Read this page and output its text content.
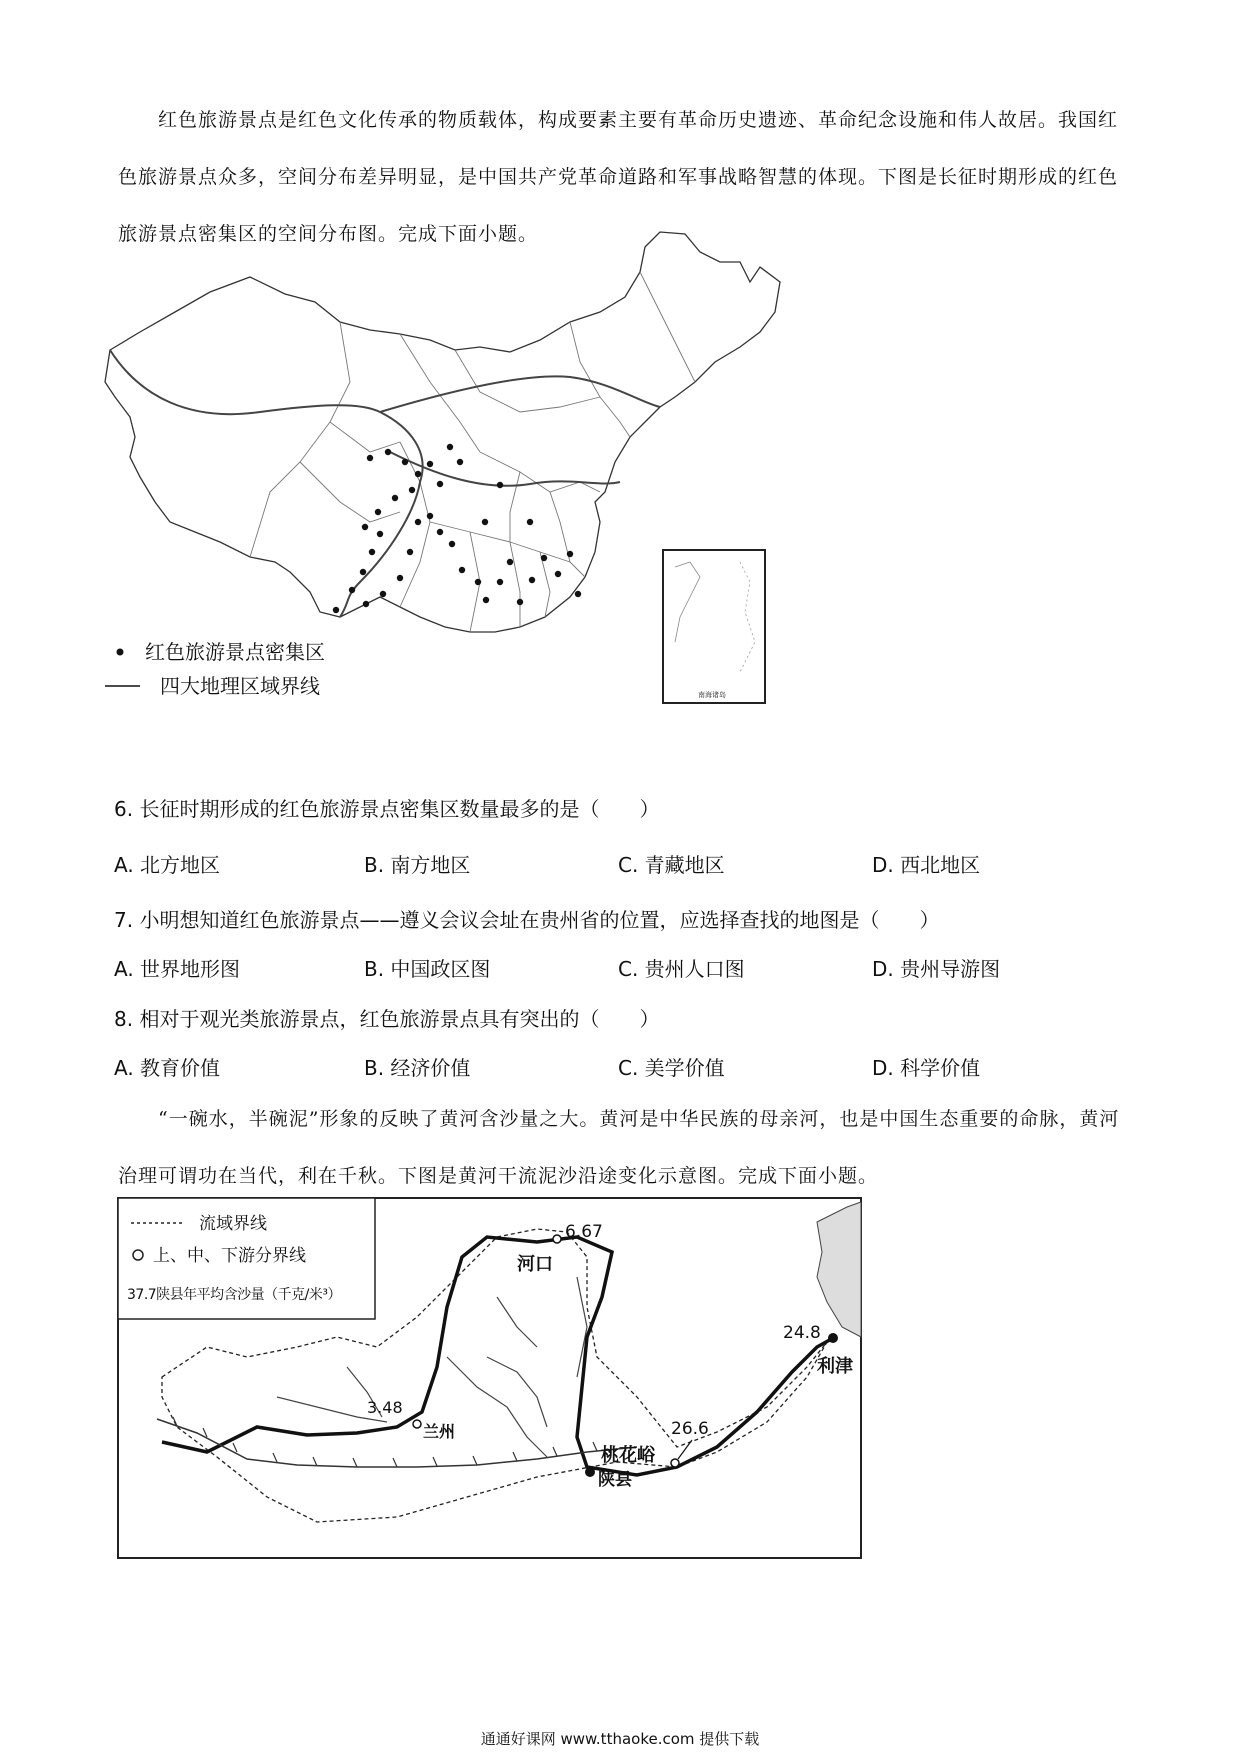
红色旅游景点是红色文化传承的物质载体，构成要素主要有革命历史遗迹、革命纪念设施和伟人故居。我国红色旅游景点众多，空间分布差异明显，是中国共产党革命道路和军事战略智慧的体现。下图是长征时期形成的红色旅游景点密集区的空间分布图。完成下面小题。
红色旅游景点密集区
四大地理区域界线	南海诸岛
6. 长征时期形成的红色旅游景点密集区数量最多的是（　　）
A. 北方地区	B. 南方地区	C. 青藏地区	D. 西北地区
7. 小明想知道红色旅游景点——遵义会议会址在贵州省的位置，应选择查找的地图是（　　）
A. 世界地形图	B. 中国政区图	C. 贵州人口图	D. 贵州导游图
8. 相对于观光类旅游景点，红色旅游景点具有突出的（　　）
A. 教育价值	B. 经济价值	C. 美学价值	D. 科学价值
“一碗水，半碗泥”形象的反映了黄河含沙量之大。黄河是中华民族的母亲河，也是中国生态重要的命脉，黄河治理可谓功在当代，利在千秋。下图是黄河干流泥沙沿途变化示意图。完成下面小题。
流域界线
上、中、下游分界线
37.7陕县年平均含沙量（千克/米³）
6.67
河口
3.48
兰州	26.6
桃花峪
陕县
24.8
利津
通通好课网 www.tthaoke.com 提供下载
